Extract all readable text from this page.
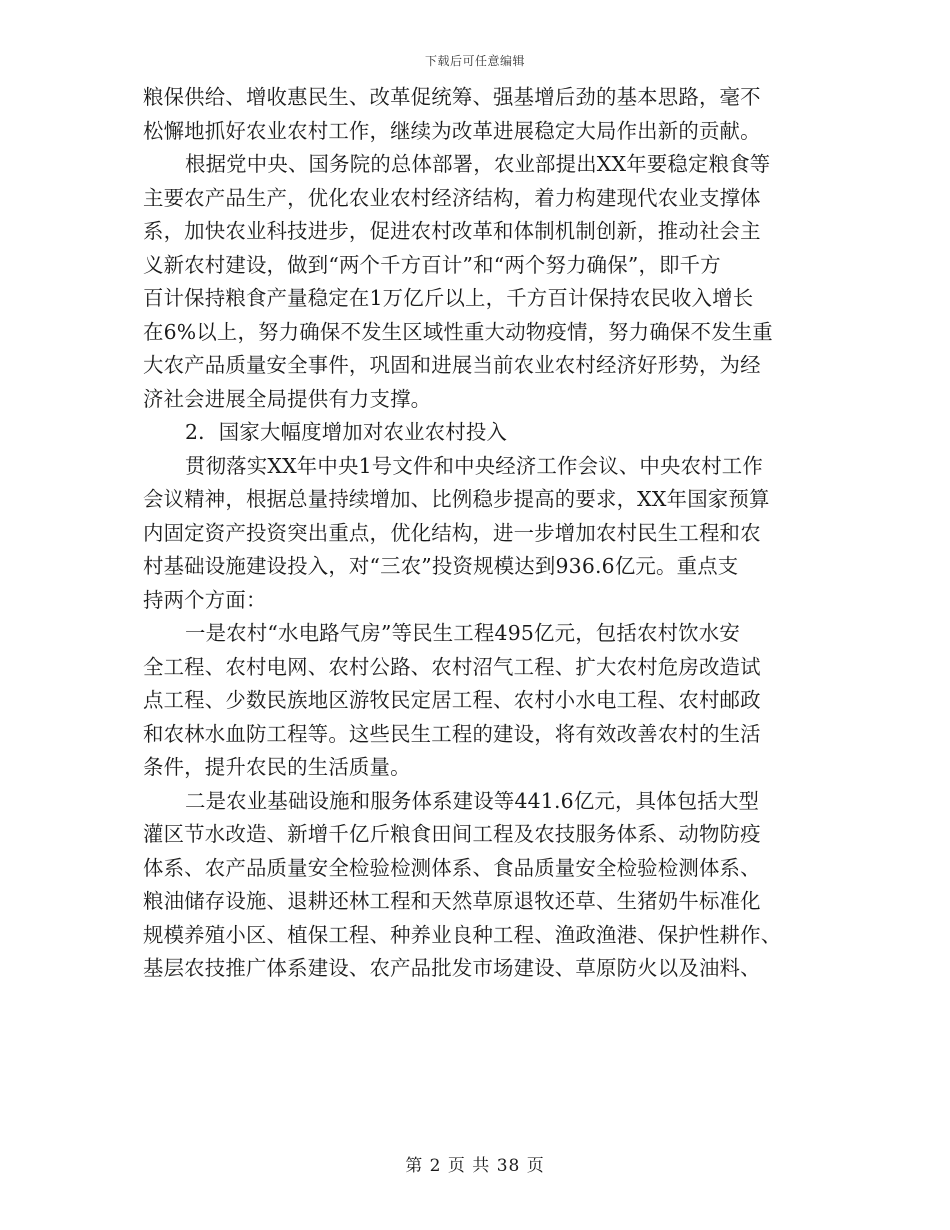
下载后可任意编辑

粮保供给、增收惠民生、改革促统筹、强基增后劲的基本思路，毫不
松懈地抓好农业农村工作，继续为改革进展稳定大局作出新的贡献。

根据党中央、国务院的总体部署，农业部提出XX年要稳定粮食等
主要农产品生产，优化农业农村经济结构，着力构建现代农业支撑体
系，加快农业科技进步，促进农村改革和体制机制创新，推动社会主
义新农村建设，做到“两个千方百计”和“两个努力确保”，即千方
百计保持粮食产量稳定在1万亿斤以上，千方百计保持农民收入增长
在6%以上，努力确保不发生区域性重大动物疫情，努力确保不发生重
大农产品质量安全事件，巩固和进展当前农业农村经济好形势，为经
济社会进展全局提供有力支撑。

2．国家大幅度增加对农业农村投入

贯彻落实XX年中央1号文件和中央经济工作会议、中央农村工作
会议精神，根据总量持续增加、比例稳步提高的要求，XX年国家预算
内固定资产投资突出重点，优化结构，进一步增加农村民生工程和农
村基础设施建设投入，对“三农”投资规模达到936.6亿元。重点支
持两个方面：

一是农村“水电路气房”等民生工程495亿元，包括农村饮水安
全工程、农村电网、农村公路、农村沼气工程、扩大农村危房改造试
点工程、少数民族地区游牧民定居工程、农村小水电工程、农村邮政
和农林水血防工程等。这些民生工程的建设，将有效改善农村的生活
条件，提升农民的生活质量。

二是农业基础设施和服务体系建设等441.6亿元，具体包括大型
灌区节水改造、新增千亿斤粮食田间工程及农技服务体系、动物防疫
体系、农产品质量安全检验检测体系、食品质量安全检验检测体系、
粮油储存设施、退耕还林工程和天然草原退牧还草、生猪奶牛标准化
规模养殖小区、植保工程、种养业良种工程、渔政渔港、保护性耕作、
基层农技推广体系建设、农产品批发市场建设、草原防火以及油料、

第 2 页 共 38 页
